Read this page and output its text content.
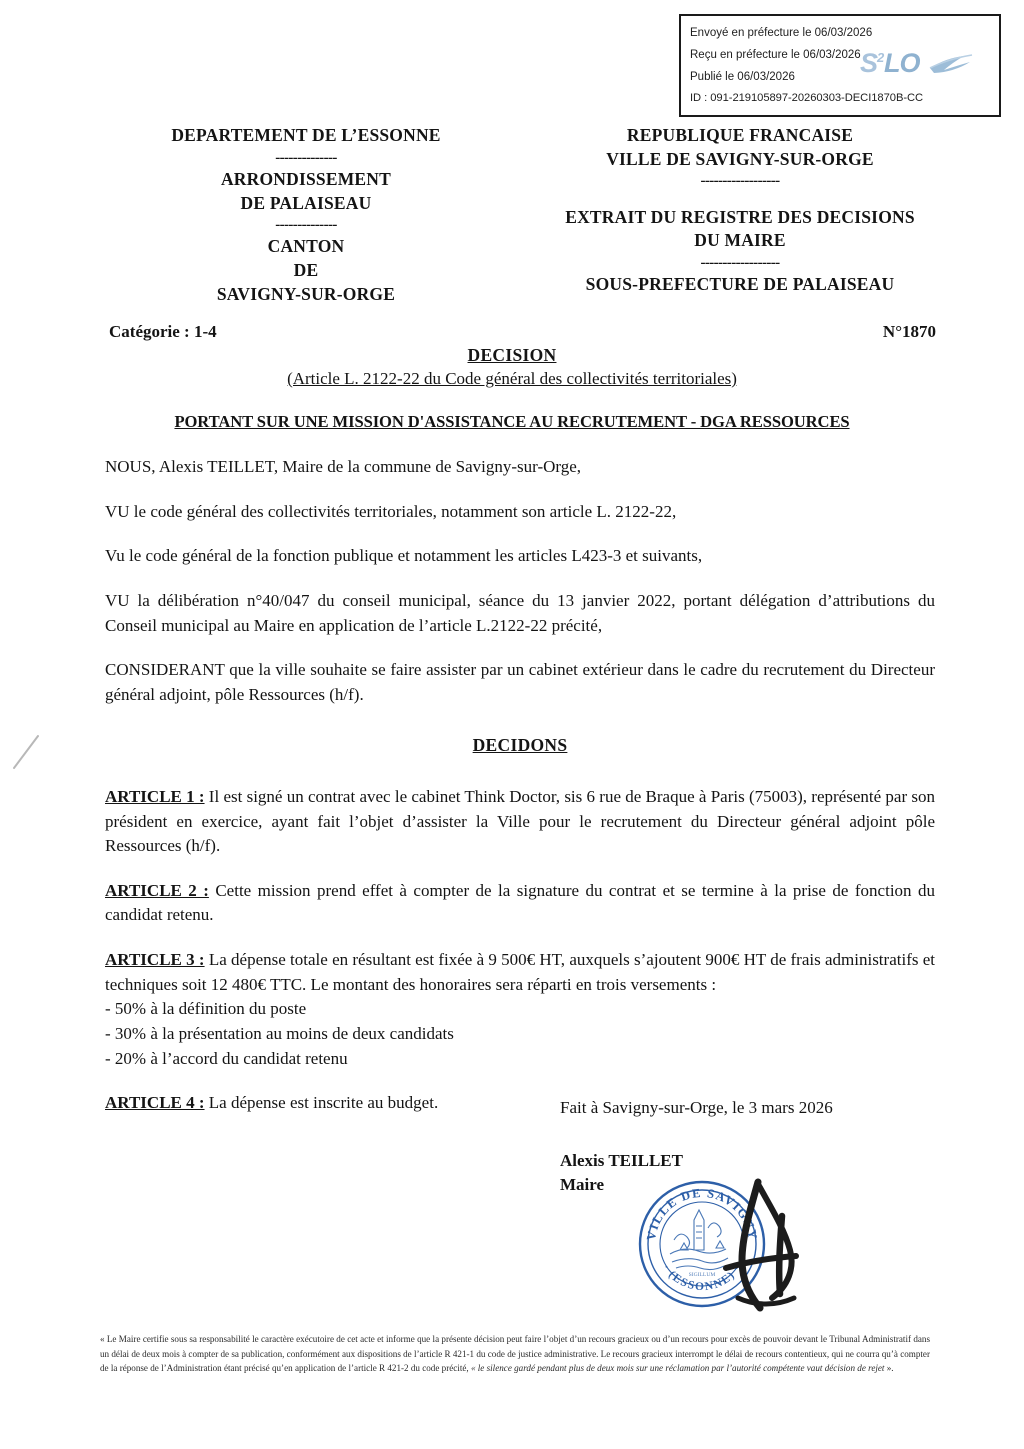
Envoyé en préfecture le 06/03/2026
Reçu en préfecture le 06/03/2026
Publié le 06/03/2026
ID : 091-219105897-20260303-DECI1870B-CC
S 2 LO
DEPARTEMENT DE L’ESSONNE
--------------
ARRONDISSEMENT
DE PALAISEAU
--------------
CANTON
DE
SAVIGNY-SUR-ORGE
REPUBLIQUE FRANCAISE
VILLE DE SAVIGNY-SUR-ORGE
------------------
EXTRAIT DU REGISTRE DES DECISIONS
DU MAIRE
------------------
SOUS-PREFECTURE DE PALAISEAU
Catégorie : 1-4	N°1870
DECISION
(Article L. 2122-22 du Code général des collectivités territoriales)
PORTANT SUR UNE MISSION D'ASSISTANCE AU RECRUTEMENT - DGA RESSOURCES

NOUS, Alexis TEILLET, Maire de la commune de Savigny-sur-Orge,

VU le code général des collectivités territoriales, notamment son article L. 2122-22,

Vu le code général de la fonction publique et notamment les articles L423-3 et suivants,

VU la délibération n°40/047 du conseil municipal, séance du 13 janvier 2022, portant délégation d’attributions du Conseil municipal au Maire en application de l’article L.2122-22 précité,

CONSIDERANT que la ville souhaite se faire assister par un cabinet extérieur dans le cadre du recrutement du Directeur général adjoint, pôle Ressources (h/f).

DECIDONS

ARTICLE 1 : Il est signé un contrat avec le cabinet Think Doctor, sis 6 rue de Braque à Paris (75003), représenté par son président en exercice, ayant fait l’objet d’assister la Ville pour le recrutement du Directeur général adjoint pôle Ressources (h/f).

ARTICLE 2 : Cette mission prend effet à compter de la signature du contrat et se termine à la prise de fonction du candidat retenu.

ARTICLE 3 : La dépense totale en résultant est fixée à 9 500€ HT, auxquels s’ajoutent 900€ HT de frais administratifs et techniques soit 12 480€ TTC. Le montant des honoraires sera réparti en trois versements :

- 50% à la définition du poste
- 30% à la présentation au moins de deux candidats
- 20% à l’accord du candidat retenu

ARTICLE 4 : La dépense est inscrite au budget.	Fait à Savigny-sur-Orge, le 3 mars 2026
Alexis TEILLET
Maire
VILLE DE SAVIGNY
· (ESSONNE) ·
SIGILLUM
« Le Maire certifie sous sa responsabilité le caractère exécutoire de cet acte et informe que la présente décision peut faire l’objet d’un recours gracieux ou d’un recours pour excès de pouvoir devant le Tribunal Administratif dans un délai de deux mois à compter de sa publication, conformément aux dispositions de l’article R 421-1 du code de justice administrative. Le recours gracieux interrompt le délai de recours contentieux, qui ne courra qu’à compter de la réponse de l’Administration étant précisé qu’en application de l’article R 421-2 du code précité, « le silence gardé pendant plus de deux mois sur une réclamation par l’autorité compétente vaut décision de rejet ».
